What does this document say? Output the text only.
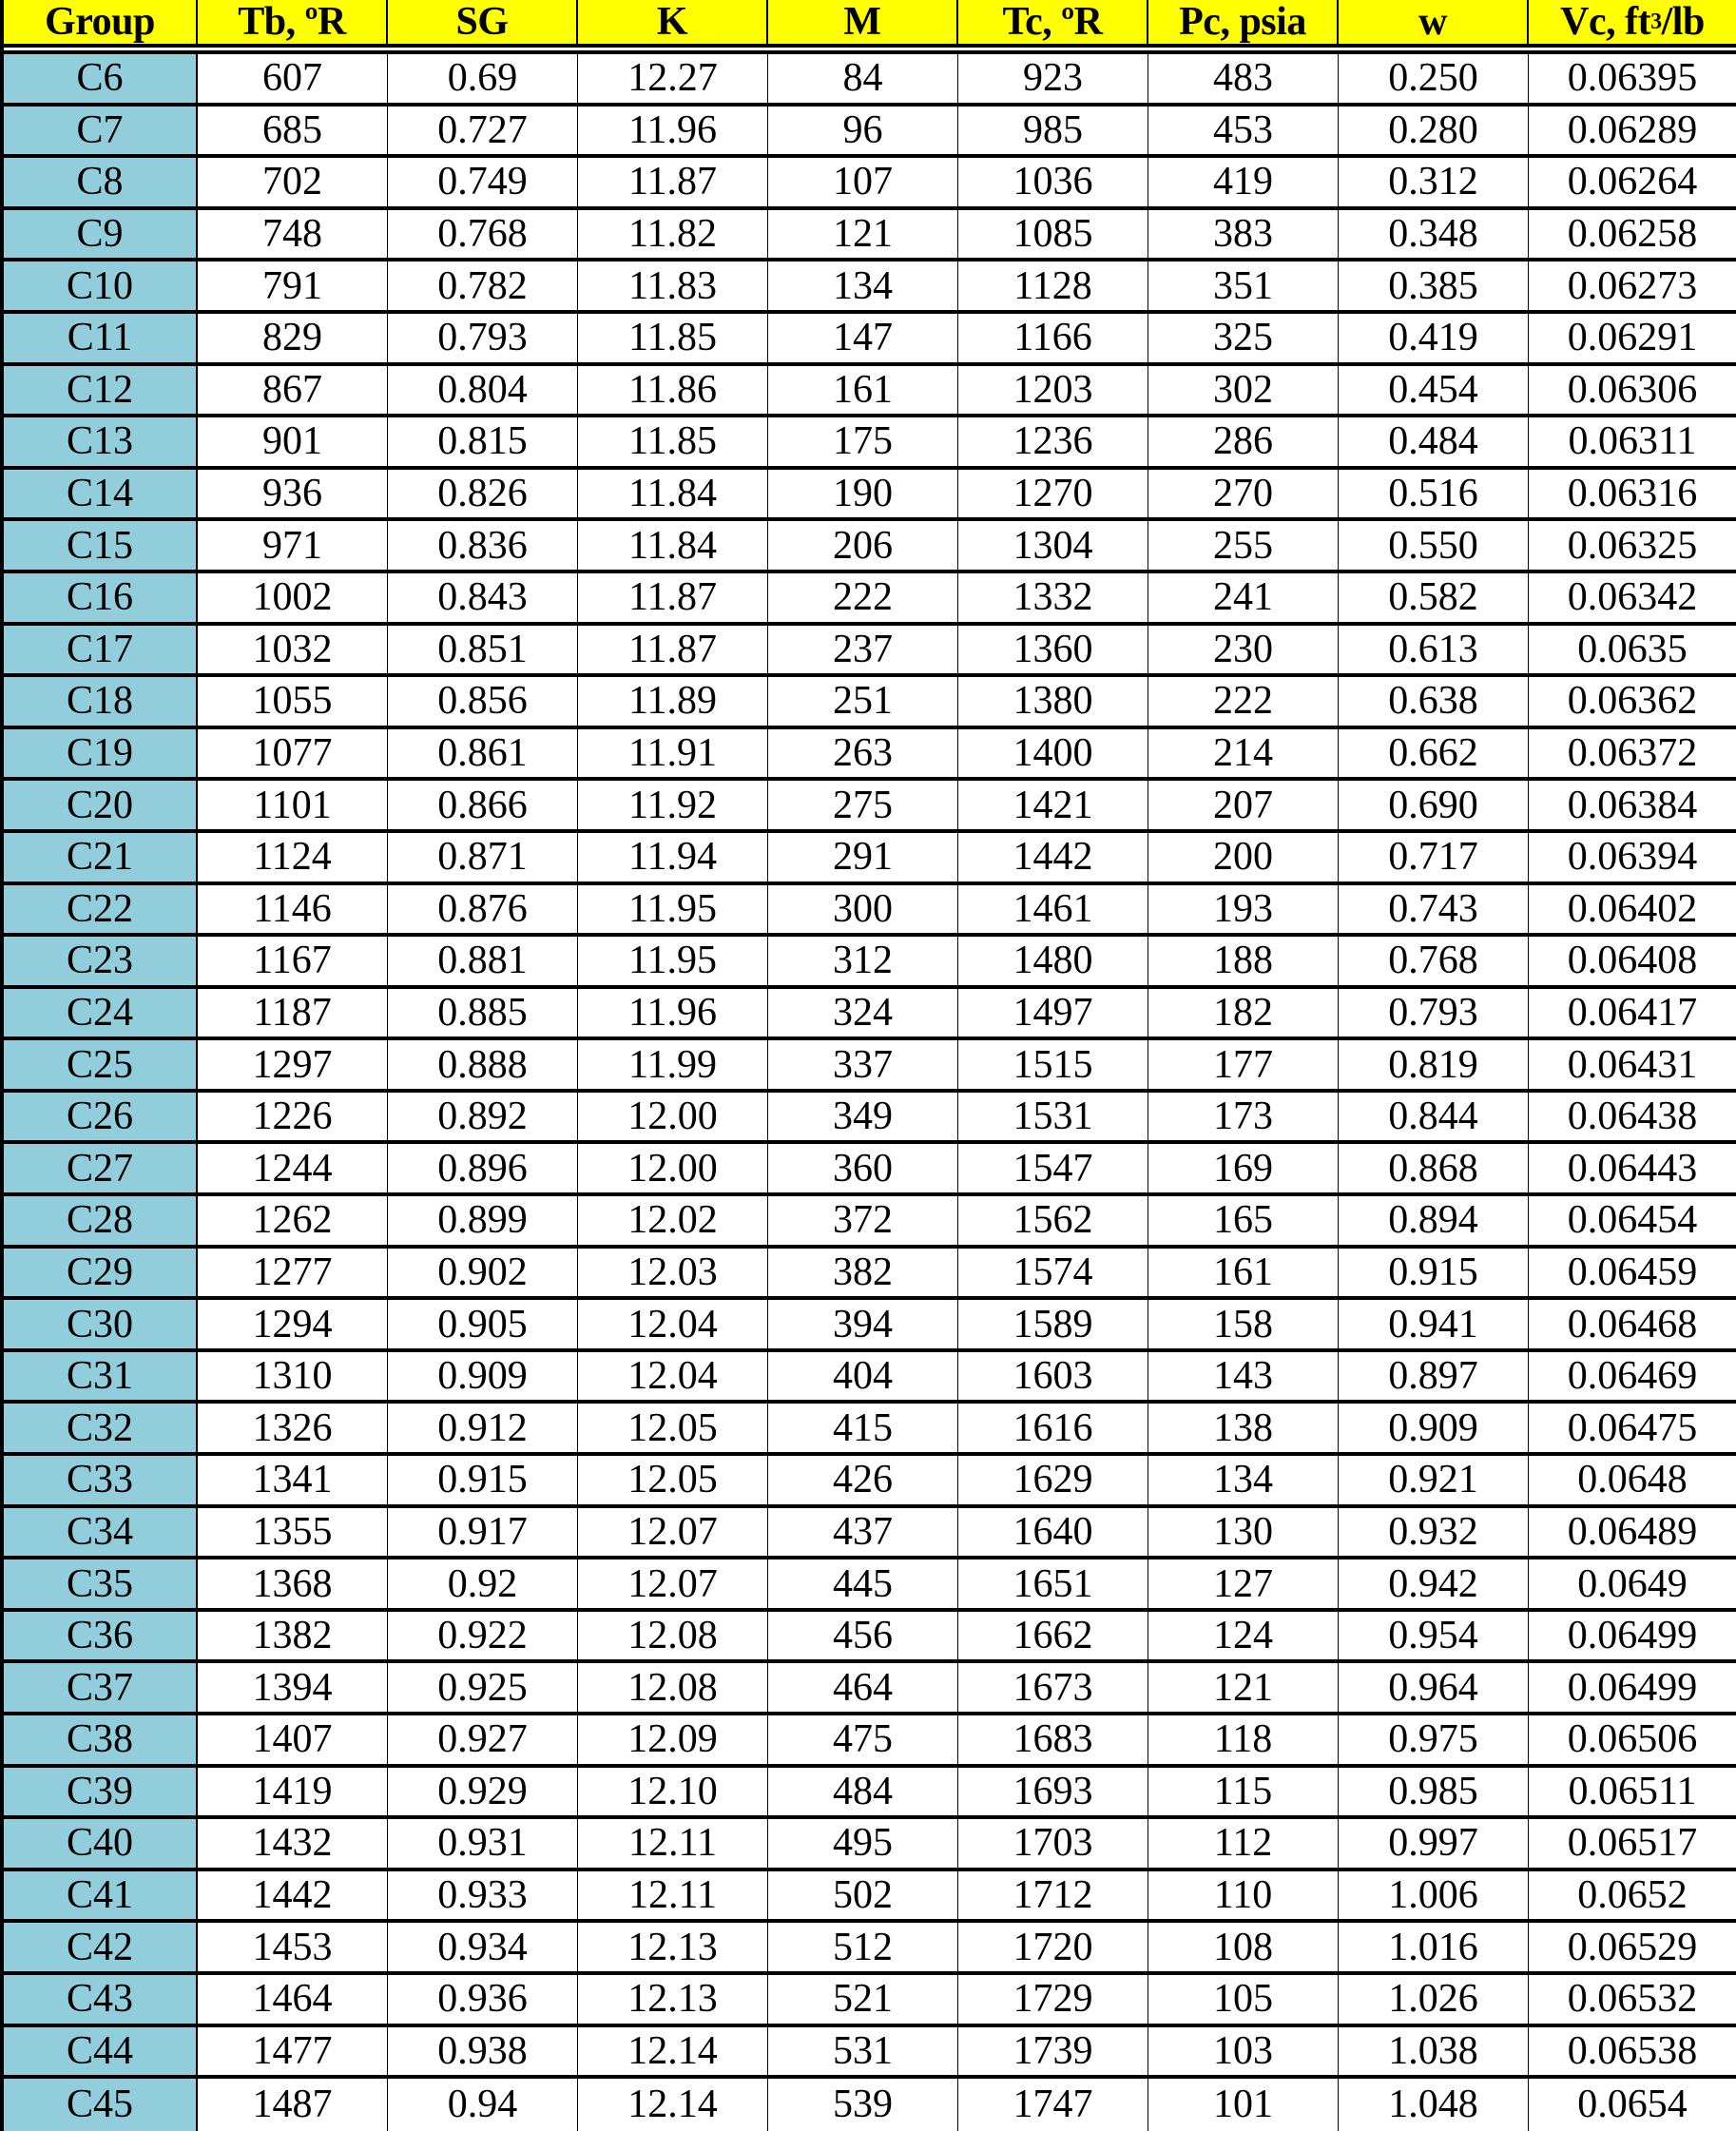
Group	Tb, ºR	SG	K	M	Tc, ºR	Pc, psia	w	Vc, ft 3 /lb
C6	607	0.69	12.27	84	923	483	0.250	0.06395
C7	685	0.727	11.96	96	985	453	0.280	0.06289
C8	702	0.749	11.87	107	1036	419	0.312	0.06264
C9	748	0.768	11.82	121	1085	383	0.348	0.06258
C10	791	0.782	11.83	134	1128	351	0.385	0.06273
C11	829	0.793	11.85	147	1166	325	0.419	0.06291
C12	867	0.804	11.86	161	1203	302	0.454	0.06306
C13	901	0.815	11.85	175	1236	286	0.484	0.06311
C14	936	0.826	11.84	190	1270	270	0.516	0.06316
C15	971	0.836	11.84	206	1304	255	0.550	0.06325
C16	1002	0.843	11.87	222	1332	241	0.582	0.06342
C17	1032	0.851	11.87	237	1360	230	0.613	0.0635
C18	1055	0.856	11.89	251	1380	222	0.638	0.06362
C19	1077	0.861	11.91	263	1400	214	0.662	0.06372
C20	1101	0.866	11.92	275	1421	207	0.690	0.06384
C21	1124	0.871	11.94	291	1442	200	0.717	0.06394
C22	1146	0.876	11.95	300	1461	193	0.743	0.06402
C23	1167	0.881	11.95	312	1480	188	0.768	0.06408
C24	1187	0.885	11.96	324	1497	182	0.793	0.06417
C25	1297	0.888	11.99	337	1515	177	0.819	0.06431
C26	1226	0.892	12.00	349	1531	173	0.844	0.06438
C27	1244	0.896	12.00	360	1547	169	0.868	0.06443
C28	1262	0.899	12.02	372	1562	165	0.894	0.06454
C29	1277	0.902	12.03	382	1574	161	0.915	0.06459
C30	1294	0.905	12.04	394	1589	158	0.941	0.06468
C31	1310	0.909	12.04	404	1603	143	0.897	0.06469
C32	1326	0.912	12.05	415	1616	138	0.909	0.06475
C33	1341	0.915	12.05	426	1629	134	0.921	0.0648
C34	1355	0.917	12.07	437	1640	130	0.932	0.06489
C35	1368	0.92	12.07	445	1651	127	0.942	0.0649
C36	1382	0.922	12.08	456	1662	124	0.954	0.06499
C37	1394	0.925	12.08	464	1673	121	0.964	0.06499
C38	1407	0.927	12.09	475	1683	118	0.975	0.06506
C39	1419	0.929	12.10	484	1693	115	0.985	0.06511
C40	1432	0.931	12.11	495	1703	112	0.997	0.06517
C41	1442	0.933	12.11	502	1712	110	1.006	0.0652
C42	1453	0.934	12.13	512	1720	108	1.016	0.06529
C43	1464	0.936	12.13	521	1729	105	1.026	0.06532
C44	1477	0.938	12.14	531	1739	103	1.038	0.06538
C45	1487	0.94	12.14	539	1747	101	1.048	0.0654
